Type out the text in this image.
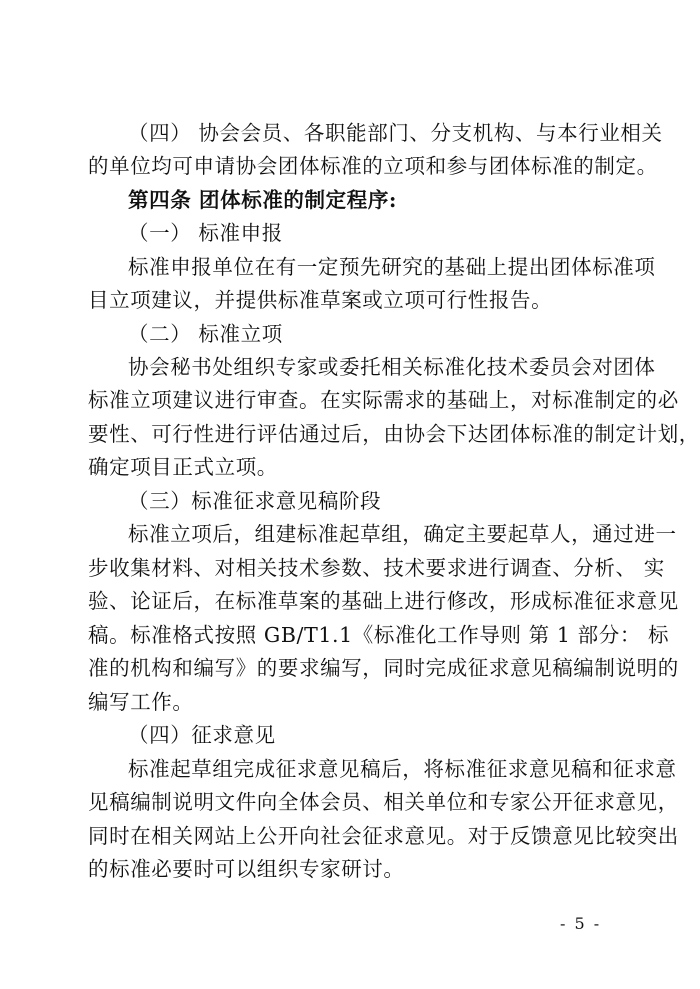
（四） 协会会员、各职能部门、分支机构、与本行业相关
的单位均可申请协会团体标准的立项和参与团体标准的制定。
第四条 团体标准的制定程序:
（一） 标准申报
标准申报单位在有一定预先研究的基础上提出团体标准项
目立项建议，并提供标准草案或立项可行性报告。
（二） 标准立项
协会秘书处组织专家或委托相关标准化技术委员会对团体
标准立项建议进行审查。在实际需求的基础上，对标准制定的必
要性、可行性进行评估通过后，由协会下达团体标准的制定计划，
确定项目正式立项。
（三）标准征求意见稿阶段
标准立项后，组建标准起草组，确定主要起草人，通过进一
步收集材料、对相关技术参数、技术要求进行调查、分析、 实
验、论证后，在标准草案的基础上进行修改，形成标准征求意见
稿。标准格式按照 GB/T1.1《标准化工作导则 第 1 部分： 标
准的机构和编写》的要求编写，同时完成征求意见稿编制说明的
编写工作。
（四）征求意见
标准起草组完成征求意见稿后，将标准征求意见稿和征求意
见稿编制说明文件向全体会员、相关单位和专家公开征求意见，
同时在相关网站上公开向社会征求意见。对于反馈意见比较突出
的标准必要时可以组织专家研讨。
- 5 -
